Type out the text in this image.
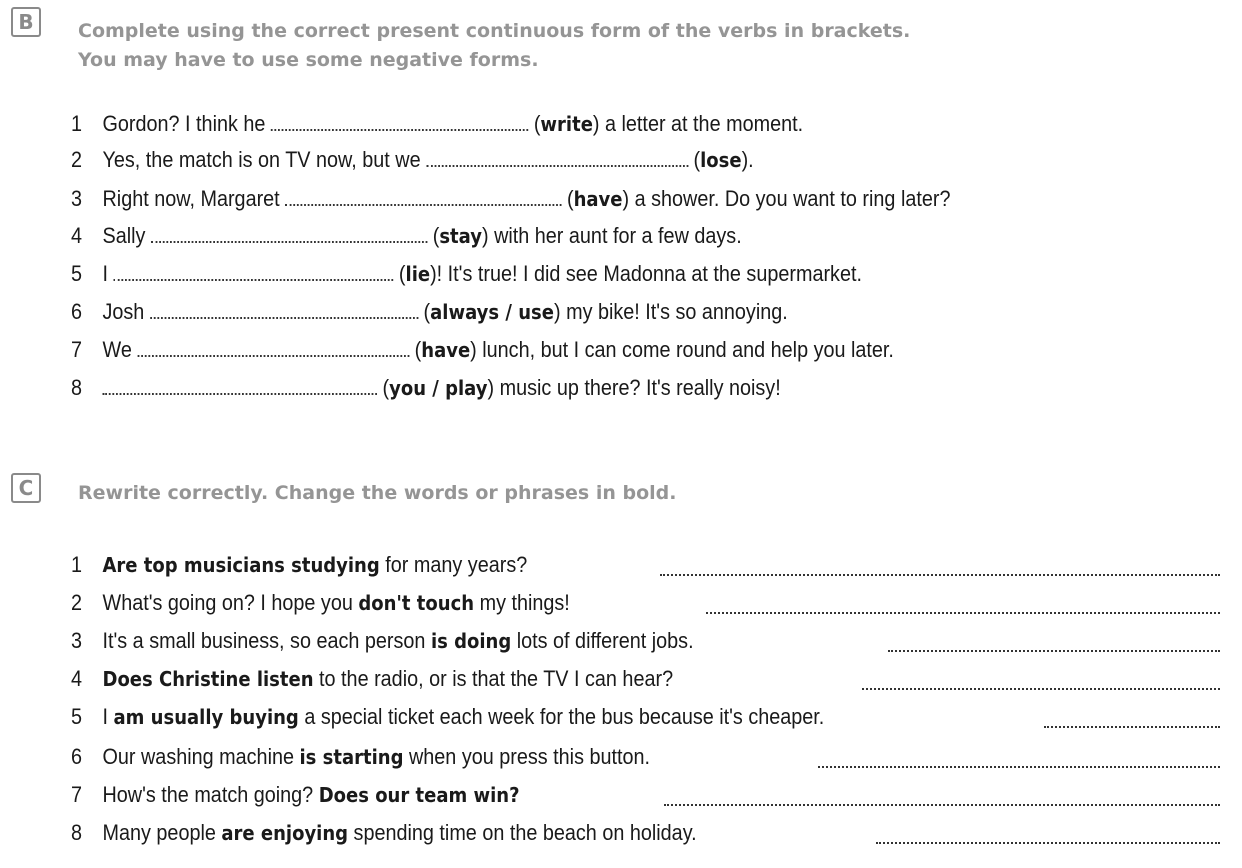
B	Complete using the correct present continuous form of the verbs in brackets.
You may have to use some negative forms.
1 Gordon? I think he	(write) a letter at the moment.
2 Yes, the match is on TV now, but we	(lose).
3 Right now, Margaret	(have) a shower. Do you want to ring later?
4 Sally	(stay) with her aunt for a few days.
5 I	(lie)! It's true! I did see Madonna at the supermarket.
6 Josh	(always / use) my bike! It's so annoying.
7 We	(have) lunch, but I can come round and help you later.
8	(you / play) music up there? It's really noisy!
C	Rewrite correctly. Change the words or phrases in bold.
1 Are top musicians studying for many years?
2 What's going on? I hope you don't touch my things!
3 It's a small business, so each person is doing lots of different jobs.
4 Does Christine listen to the radio, or is that the TV I can hear?
5 I am usually buying a special ticket each week for the bus because it's cheaper.
6 Our washing machine is starting when you press this button.
7 How's the match going? Does our team win?
8 Many people are enjoying spending time on the beach on holiday.
